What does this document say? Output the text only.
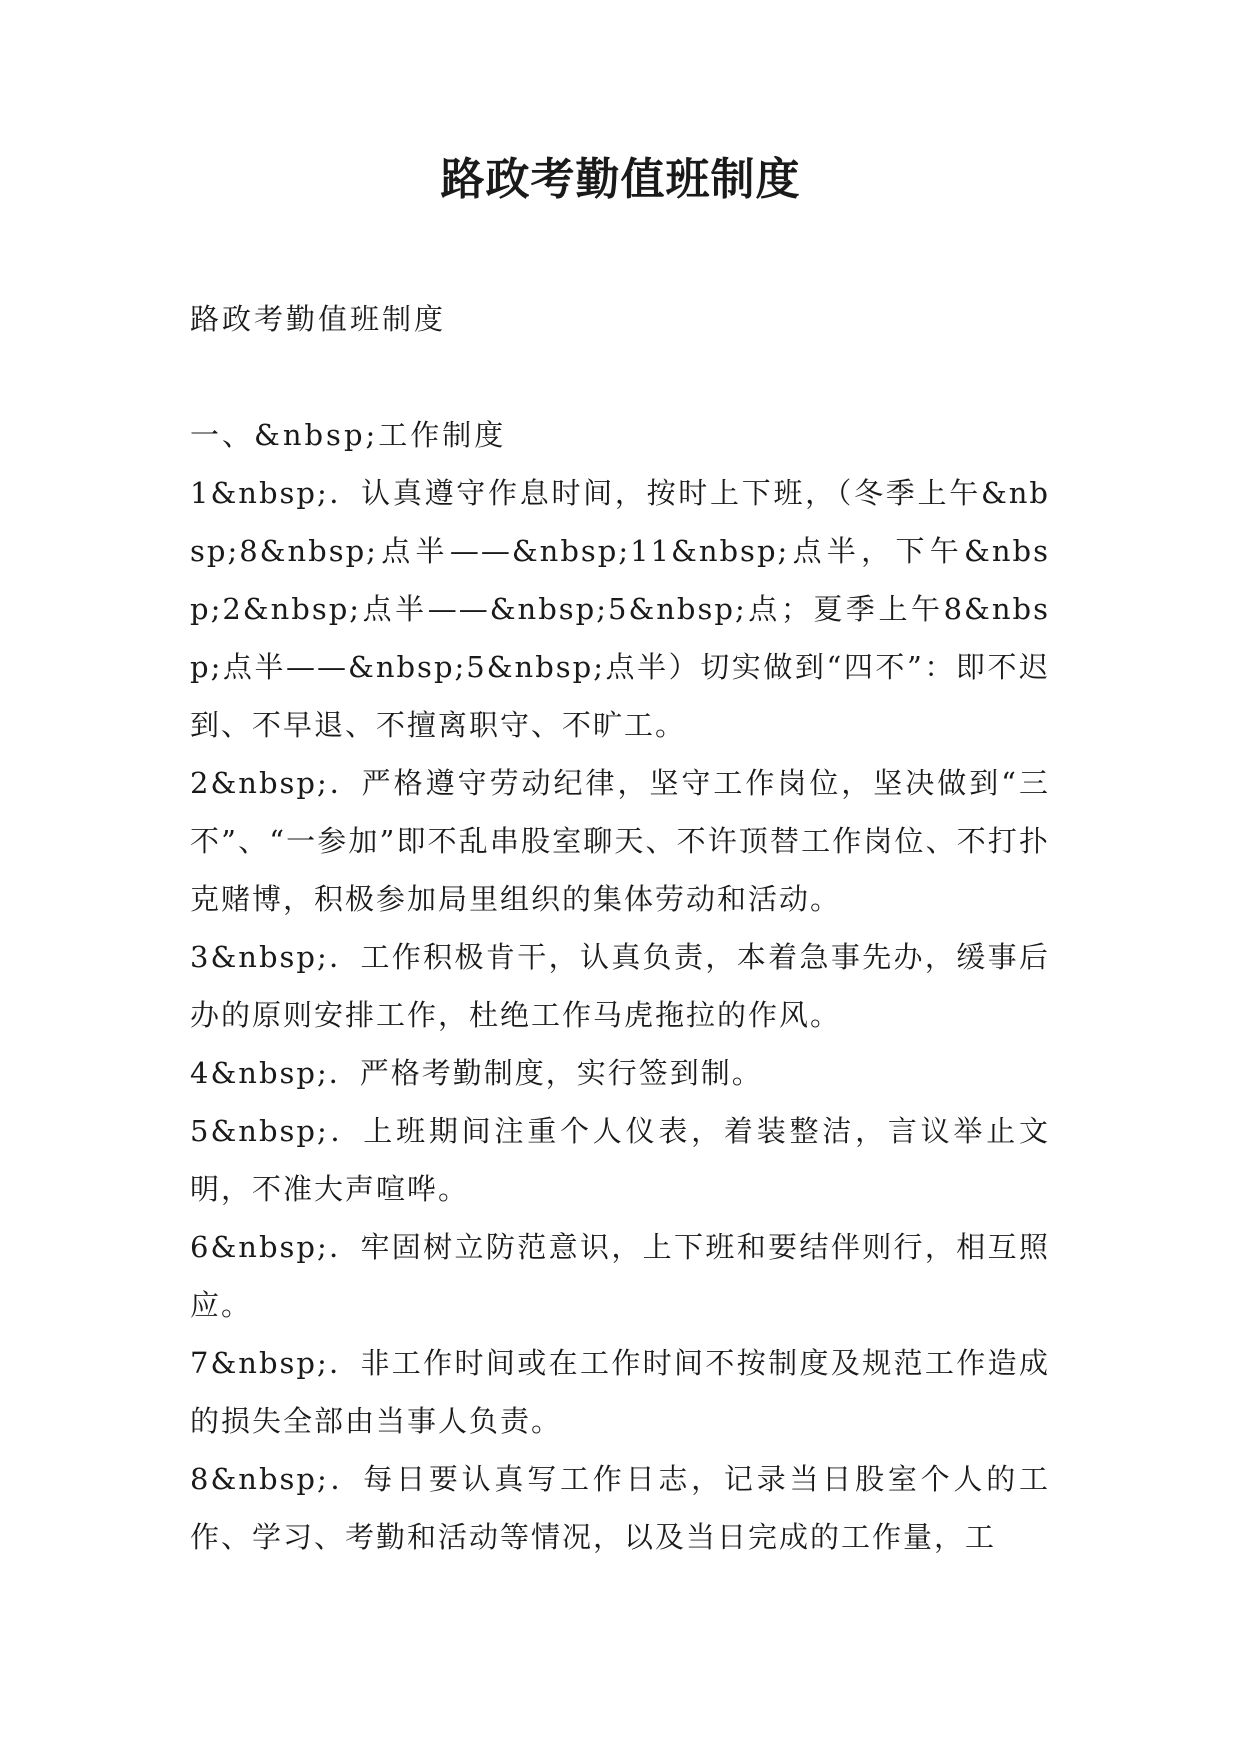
路政考勤值班制度

路政考勤值班制度

一、&nbsp;工作制度

1&nbsp;．认真遵守作息时间，按时上下班，（冬季上午&nbsp;8&nbsp;点半——&nbsp;11&nbsp;点半，下午&nbsp;2&nbsp;点半——&nbsp;5&nbsp;点；夏季上午8&nbsp;点半——&nbsp;5&nbsp;点半）切实做到“四不”：即不迟到、不早退、不擅离职守、不旷工。

2&nbsp;．严格遵守劳动纪律，坚守工作岗位，坚决做到“三不”、“一参加”即不乱串股室聊天、不许顶替工作岗位、不打扑克赌博，积极参加局里组织的集体劳动和活动。

3&nbsp;．工作积极肯干，认真负责，本着急事先办，缓事后办的原则安排工作，杜绝工作马虎拖拉的作风。

4&nbsp;．严格考勤制度，实行签到制。

5&nbsp;．上班期间注重个人仪表，着装整洁，言议举止文明，不准大声喧哗。

6&nbsp;．牢固树立防范意识，上下班和要结伴则行，相互照应。

7&nbsp;．非工作时间或在工作时间不按制度及规范工作造成的损失全部由当事人负责。

8&nbsp;．每日要认真写工作日志，记录当日股室个人的工作、学习、考勤和活动等情况，以及当日完成的工作量，工
